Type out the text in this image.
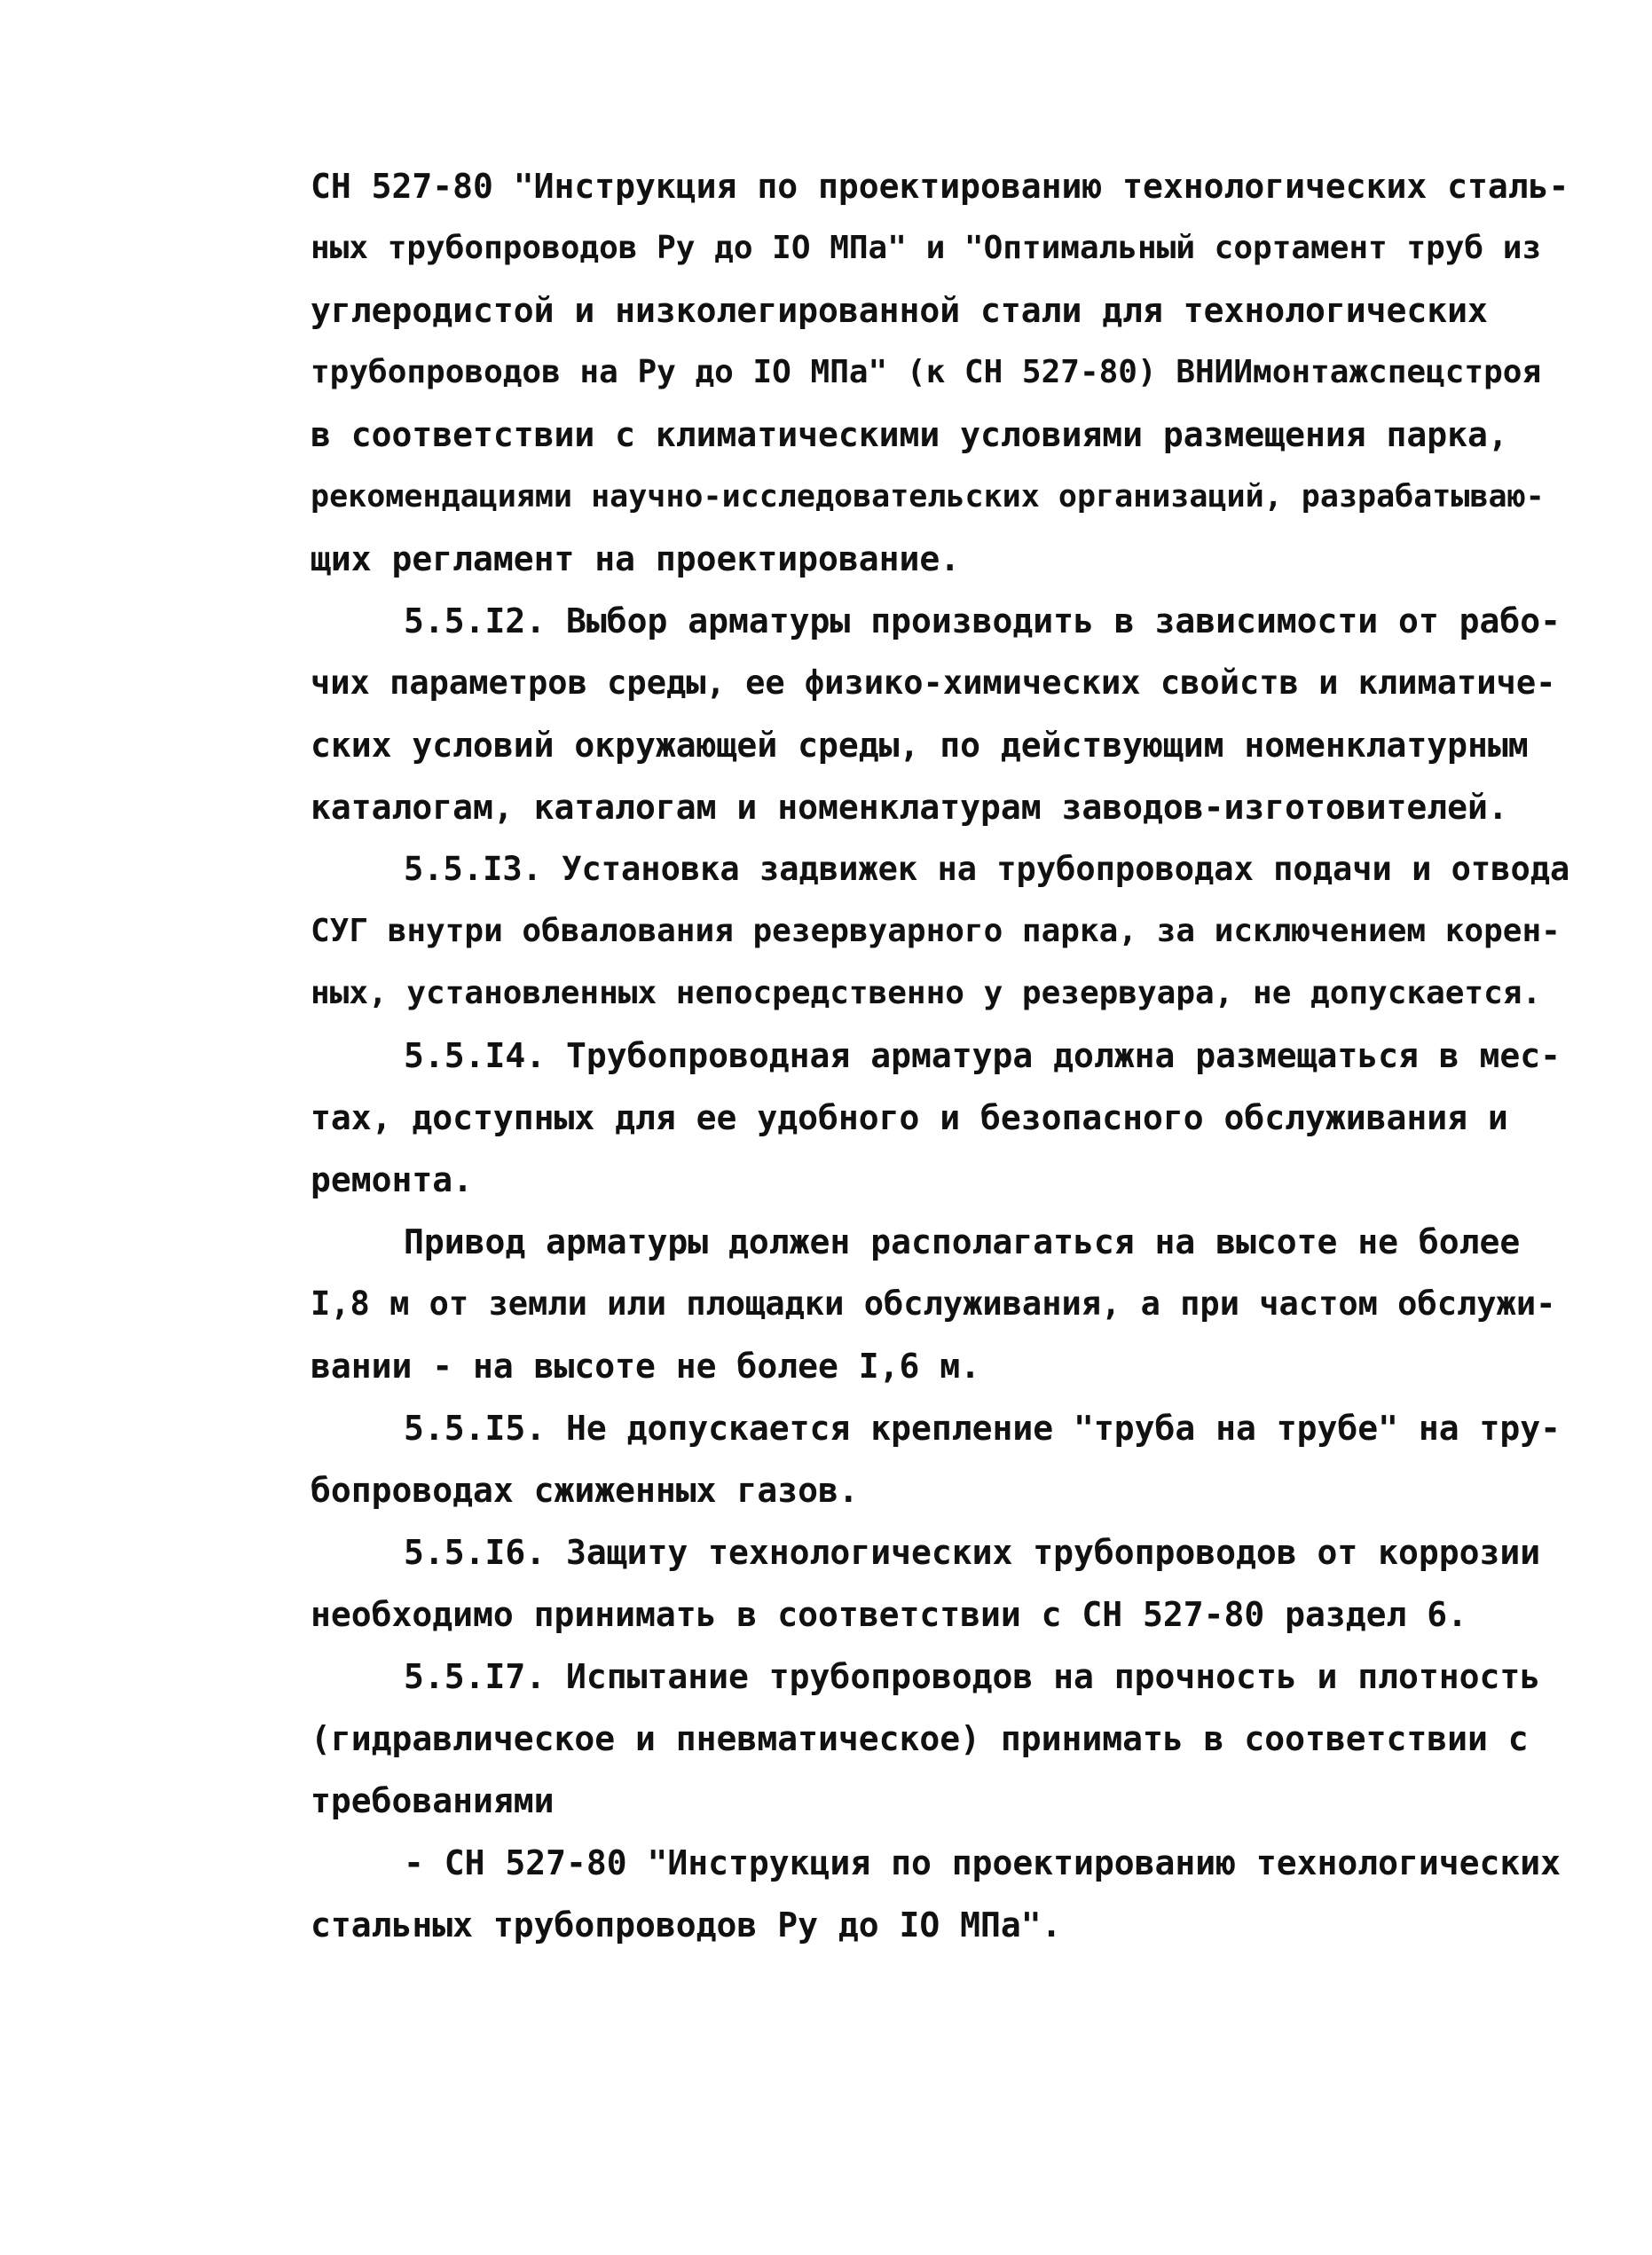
СН 527-80 "Инструкция по проектированию технологических сталь-
ных трубопроводов Ру до IO МПа" и "Оптимальный сортамент труб из
углеродистой и низколегированной стали для технологических
трубопроводов на Ру до IO МПа" (к СН 527-80) ВНИИмонтажспецстроя
в соответствии с климатическими условиями размещения парка,
рекомендациями научно-исследовательских организаций, разрабатываю-
щих регламент на проектирование.
5.5.I2. Выбор арматуры производить в зависимости от рабо-
чих параметров среды, ее физико-химических свойств и климатиче-
ских условий окружающей среды, по действующим номенклатурным
каталогам, каталогам и номенклатурам заводов-изготовителей.
5.5.I3. Установка задвижек на трубопроводах подачи и отвода
СУГ внутри обвалования резервуарного парка, за исключением корен-
ных, установленных непосредственно у резервуара, не допускается.
5.5.I4. Трубопроводная арматура должна размещаться в мес-
тах, доступных для ее удобного и безопасного обслуживания и
ремонта.
Привод арматуры должен располагаться на высоте не более
I,8 м от земли или площадки обслуживания, а при частом обслужи-
вании - на высоте не более I,6 м.
5.5.I5. Не допускается крепление "труба на трубе" на тру-
бопроводах сжиженных газов.
5.5.I6. Защиту технологических трубопроводов от коррозии
необходимо принимать в соответствии с СН 527-80 раздел 6.
5.5.I7. Испытание трубопроводов на прочность и плотность
(гидравлическое и пневматическое) принимать в соответствии с
требованиями
- СН 527-80 "Инструкция по проектированию технологических
стальных трубопроводов Ру до IO МПа".
